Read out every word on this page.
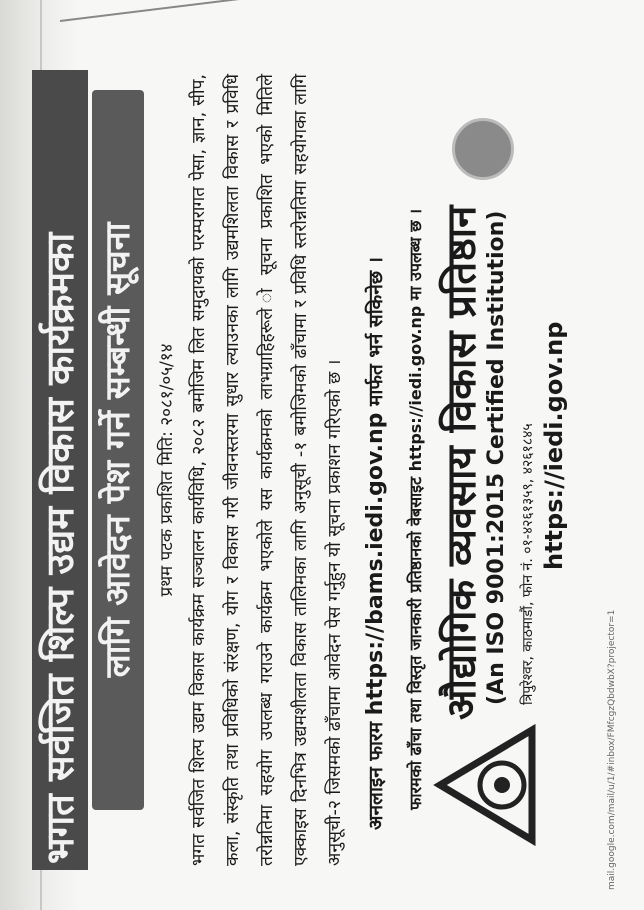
भगत सर्वजित शिल्प उद्यम विकास कार्यक्रमका लागि आवेदन पेश गर्ने सम्बन्धी सूचना	प्रथम पटक प्रकाशित मिति: २०८१/०५/१४ भगत सर्वजित शिल्प उद्यम विकास कार्यक्रम सञ्चालन कार्यविधि, २०८२ बमोजिम लित समुदायको परम्परागत पेसा, ज्ञान, सीप, कला, संस्कृति तथा प्रविधिको संरक्षण, योग र विकास गरी जीवनस्तरमा सुधार ल्याउनका लागि उद्यमशिलता विकास र प्रविधि तरोन्नतिमा सहयोग उपलब्ध गराउने कार्यक्रम भएकोले यस कार्यक्रमको लाभग्राहिहरूले ो सूचना प्रकाशित भएको मितिले एक्काइस दिनभित्र उद्यमशीलता विकास तालिमका लागि अनुसूची -१ बमोजिमको ढाँचामा र प्रविधि स्तरोन्नतिमा सहयोगका लागि अनुसूची-२ जिसमको ढाँचामा आवेदन पेस गर्नुहुन यो सूचना प्रकाशन गरिएको छ ।	अनलाइन फारम https://bams.iedi.gov.np मार्फत भर्न सकिनेछ । फारमको ढाँचा तथा विस्तृत जानकारी प्रतिष्ठानको वेबसाइट https://iedi.gov.np मा उपलब्ध छ । औद्योगिक व्यवसाय विकास प्रतिष्ठान (An ISO 9001:2015 Certified Institution) त्रिपुरेश्वर, काठमाडौं, फोन नं. ०१-४२६१३५९, ४२६१८४५ https://iedi.gov.np
mail.google.com/mail/u/1/#inbox/FMfcgzQbdwbX?projector=1
